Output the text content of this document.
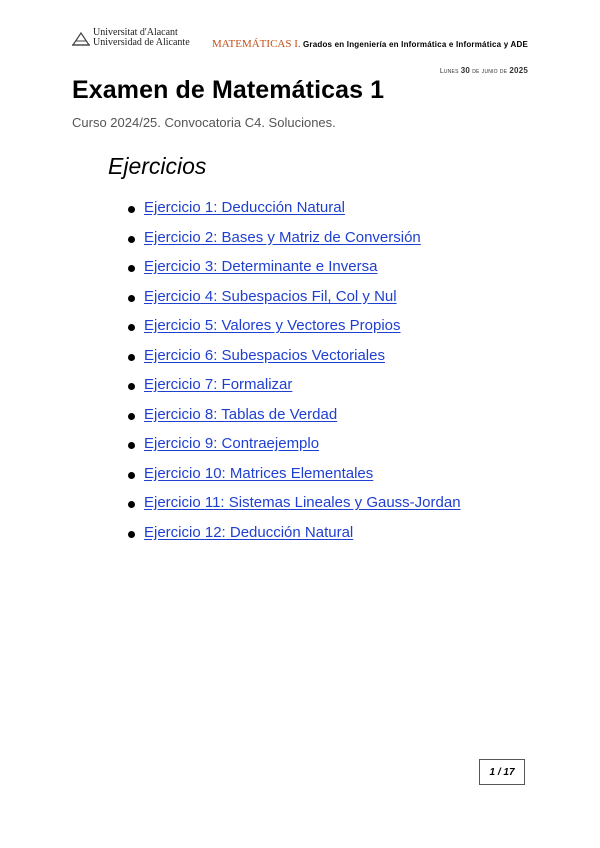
Universitat d'Alacant
Universidad de Alicante MATEMÁTICAS I. Grados en Ingeniería en Informática e Informática y ADE
Lunes 30 de junio de 2025
Examen de Matemáticas 1
Curso 2024/25. Convocatoria C4. Soluciones.
Ejercicios
Ejercicio 1: Deducción Natural
Ejercicio 2: Bases y Matriz de Conversión
Ejercicio 3: Determinante e Inversa
Ejercicio 4: Subespacios Fil, Col y Nul
Ejercicio 5: Valores y Vectores Propios
Ejercicio 6: Subespacios Vectoriales
Ejercicio 7: Formalizar
Ejercicio 8: Tablas de Verdad
Ejercicio 9: Contraejemplo
Ejercicio 10: Matrices Elementales
Ejercicio 11: Sistemas Lineales y Gauss-Jordan
Ejercicio 12: Deducción Natural
1 / 17
